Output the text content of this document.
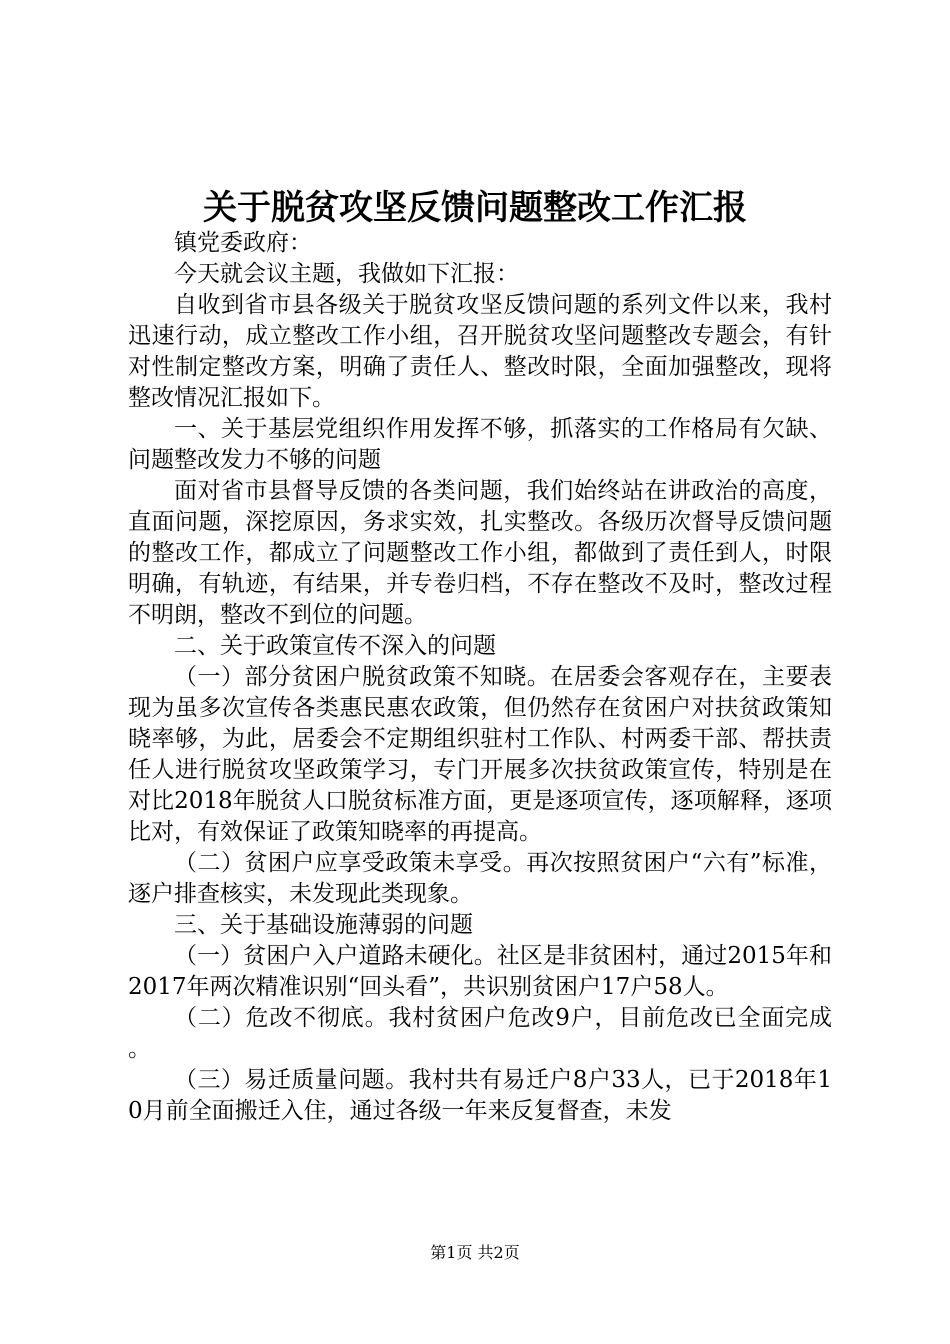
关于脱贫攻坚反馈问题整改工作汇报

镇党委政府：

今天就会议主题，我做如下汇报：

自收到省市县各级关于脱贫攻坚反馈问题的系列文件以来，我村迅速行动，成立整改工作小组，召开脱贫攻坚问题整改专题会，有针对性制定整改方案，明确了责任人、整改时限，全面加强整改，现将整改情况汇报如下。

一、关于基层党组织作用发挥不够，抓落实的工作格局有欠缺、问题整改发力不够的问题

面对省市县督导反馈的各类问题，我们始终站在讲政治的高度，直面问题，深挖原因，务求实效，扎实整改。各级历次督导反馈问题的整改工作，都成立了问题整改工作小组，都做到了责任到人，时限明确，有轨迹，有结果，并专卷归档，不存在整改不及时，整改过程不明朗，整改不到位的问题。

二、关于政策宣传不深入的问题

（一）部分贫困户脱贫政策不知晓。在居委会客观存在，主要表现为虽多次宣传各类惠民惠农政策，但仍然存在贫困户对扶贫政策知晓率够，为此，居委会不定期组织驻村工作队、村两委干部、帮扶责任人进行脱贫攻坚政策学习，专门开展多次扶贫政策宣传，特别是在对比2018年脱贫人口脱贫标准方面，更是逐项宣传，逐项解释，逐项比对，有效保证了政策知晓率的再提高。

（二）贫困户应享受政策未享受。再次按照贫困户“六有”标准，逐户排查核实，未发现此类现象。

三、关于基础设施薄弱的问题

（一）贫困户入户道路未硬化。社区是非贫困村，通过2015年和2017年两次精准识别“回头看”，共识别贫困户17户58人。

（二）危改不彻底。我村贫困户危改9户，目前危改已全面完成。

（三）易迁质量问题。我村共有易迁户8户33人，已于2018年10月前全面搬迁入住，通过各级一年来反复督查，未发

第1页 共2页
